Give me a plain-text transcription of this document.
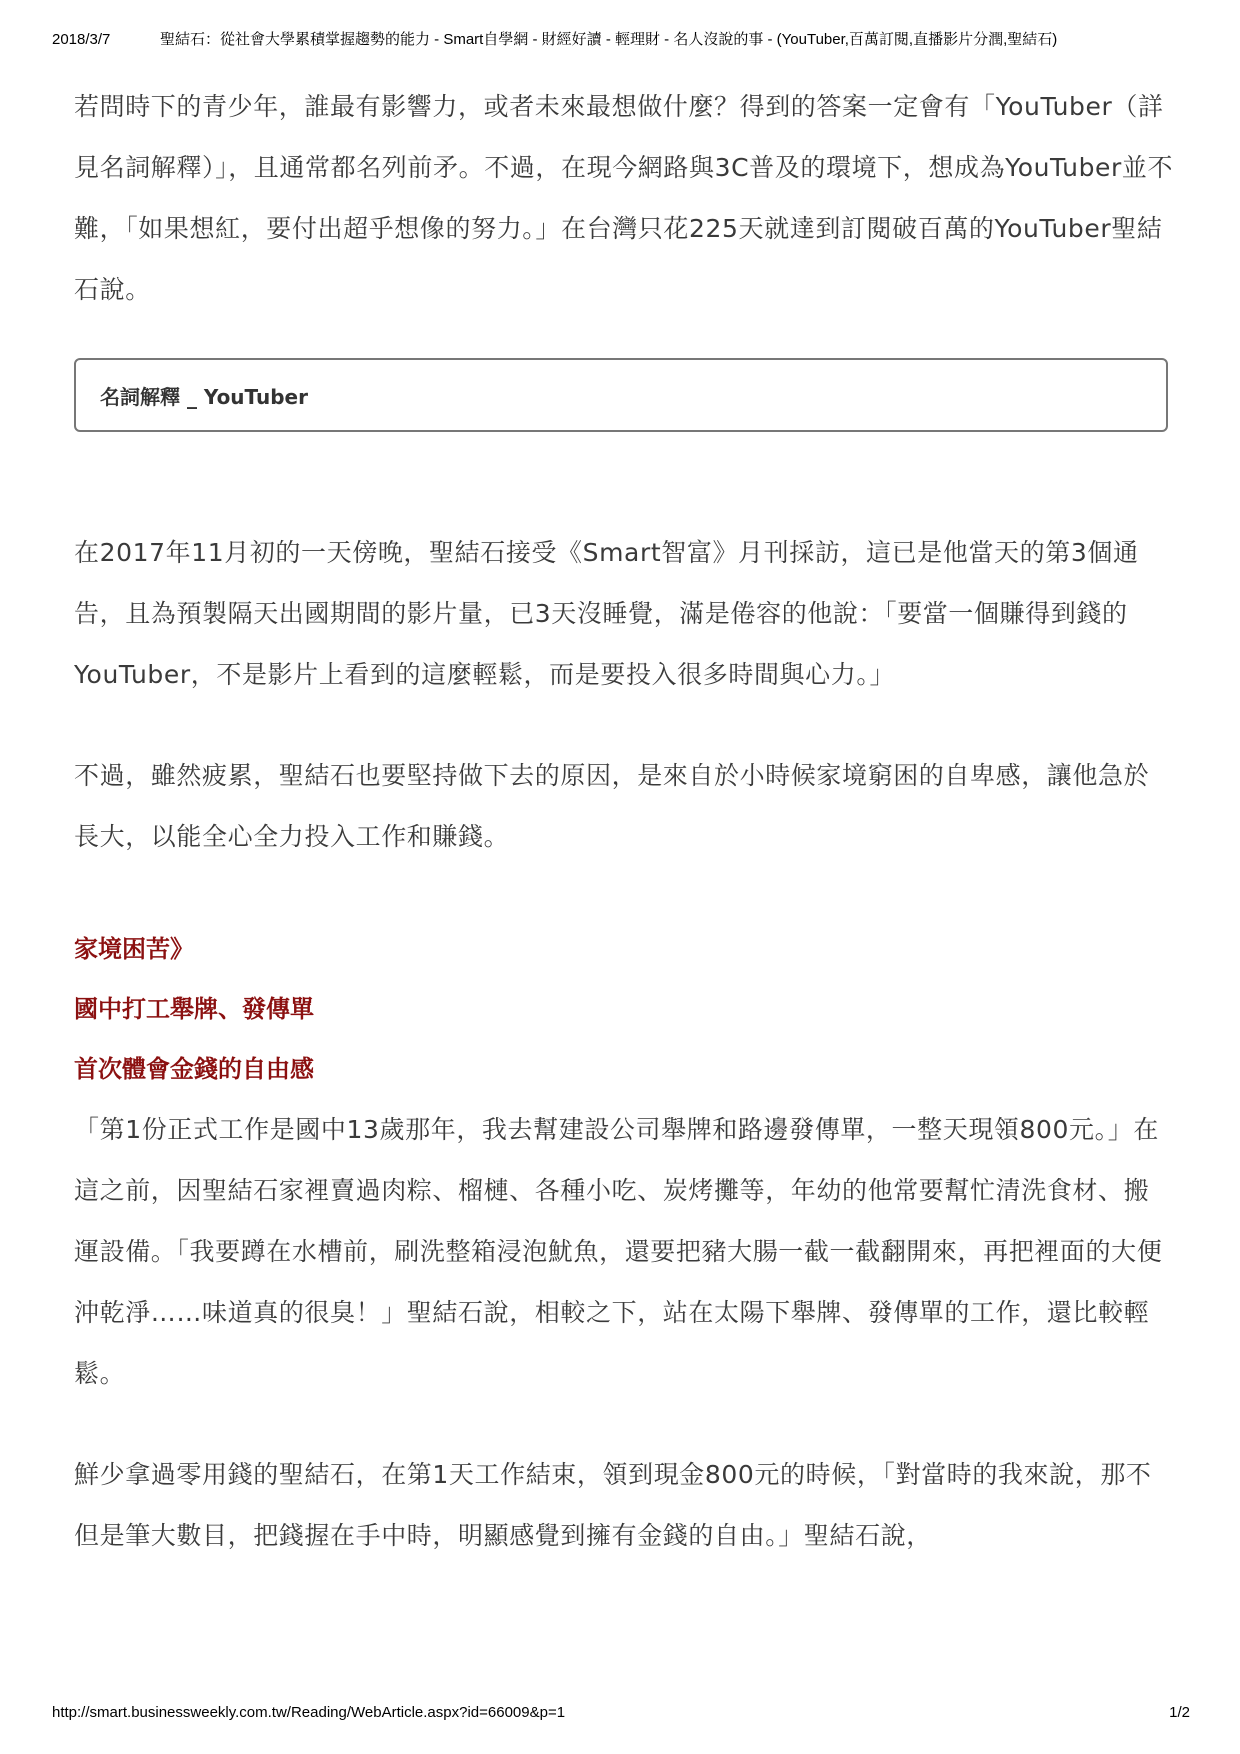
2018/3/7	聖結石：從社會大學累積掌握趨勢的能力 - Smart自學網 - 財經好讀 - 輕理財 - 名人沒說的事 - (YouTuber,百萬訂閱,直播影片分潤,聖結石)

若問時下的青少年，誰最有影響力，或者未來最想做什麼？得到的答案一定會有「YouTuber（詳見名詞解釋）」，且通常都名列前矛。不過，在現今網路與3C普及的環境下，想成為YouTuber並不難，「如果想紅，要付出超乎想像的努力。」在台灣只花225天就達到訂閱破百萬的YouTuber聖結石說。

名詞解釋 _ YouTuber

在2017年11月初的一天傍晚，聖結石接受《Smart智富》月刊採訪，這已是他當天的第3個通告，且為預製隔天出國期間的影片量，已3天沒睡覺，滿是倦容的他說：「要當一個賺得到錢的YouTuber，不是影片上看到的這麼輕鬆，而是要投入很多時間與心力。」

不過，雖然疲累，聖結石也要堅持做下去的原因，是來自於小時候家境窮困的自卑感，讓他急於長大，以能全心全力投入工作和賺錢。

家境困苦》
國中打工舉牌、發傳單
首次體會金錢的自由感

「第1份正式工作是國中13歲那年，我去幫建設公司舉牌和路邊發傳單，一整天現領800元。」在這之前，因聖結石家裡賣過肉粽、榴槤、各種小吃、炭烤攤等，年幼的他常要幫忙清洗食材、搬運設備。「我要蹲在水槽前，刷洗整箱浸泡魷魚，還要把豬大腸一截一截翻開來，再把裡面的大便沖乾淨……味道真的很臭！」聖結石說，相較之下，站在太陽下舉牌、發傳單的工作，還比較輕鬆。

鮮少拿過零用錢的聖結石，在第1天工作結束，領到現金800元的時候，「對當時的我來說，那不但是筆大數目，把錢握在手中時，明顯感覺到擁有金錢的自由。」聖結石說，

http://smart.businessweekly.com.tw/Reading/WebArticle.aspx?id=66009&p=1	1/2
